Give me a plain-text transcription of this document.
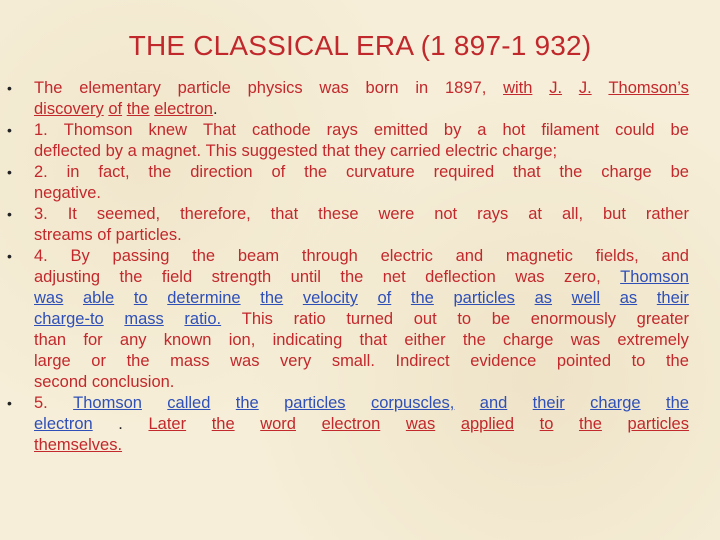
THE CLASSICAL ERA (1 897-1 932)
• The elementary particle physics was born in 1897, with J. J. Thomson’s
discovery of the electron .
• 1. Thomson knew That cathode rays emitted by a hot filament could be
deflected by a magnet. This suggested that they carried electric charge;
• 2. in fact, the direction of the curvature required that the charge be
negative.
• 3. It seemed, therefore, that these were not rays at all, but rather
streams of particles.
• 4. By passing the beam through electric and magnetic fields, and
adjusting the field strength until the net deflection was zero, Thomson
was able to determine the velocity of the particles as well as their
charge-to mass ratio. This ratio turned out to be enormously greater
than for any known ion, indicating that either the charge was extremely
large or the mass was very small. Indirect evidence pointed to the
second conclusion.
• 5. Thomson called the particles corpuscles, and their charge the
electron . Later the word electron was applied to the particles
themselves.
